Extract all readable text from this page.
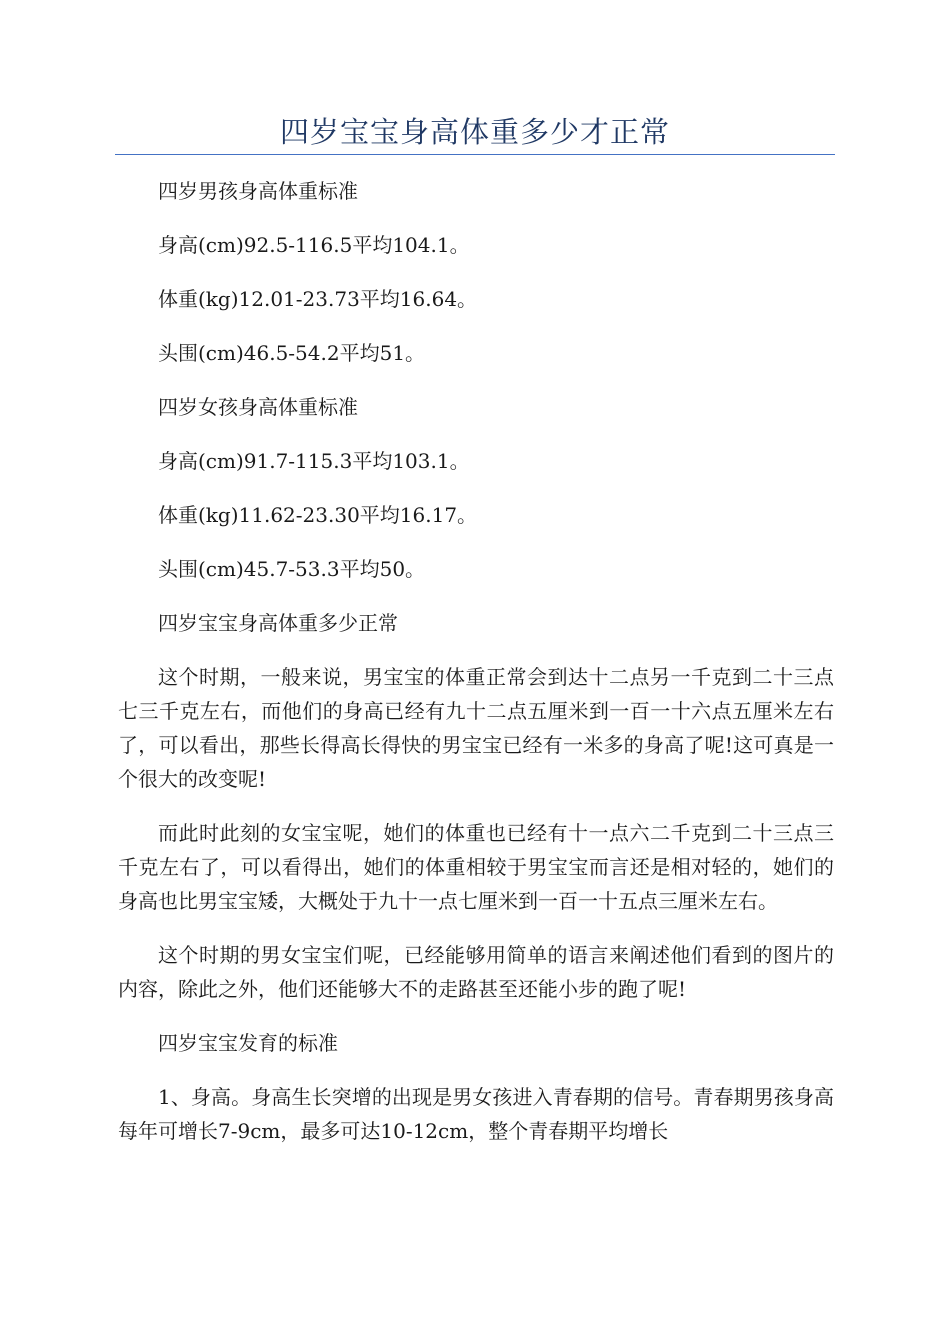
四岁宝宝身高体重多少才正常

四岁男孩身高体重标准

身高(cm)92.5-116.5平均104.1。

体重(kg)12.01-23.73平均16.64。

头围(cm)46.5-54.2平均51。

四岁女孩身高体重标准

身高(cm)91.7-115.3平均103.1。

体重(kg)11.62-23.30平均16.17。

头围(cm)45.7-53.3平均50。

四岁宝宝身高体重多少正常

这个时期，一般来说，男宝宝的体重正常会到达十二点另一千克到二十三点七三千克左右，而他们的身高已经有九十二点五厘米到一百一十六点五厘米左右了，可以看出，那些长得高长得快的男宝宝已经有一米多的身高了呢!这可真是一个很大的改变呢!

而此时此刻的女宝宝呢，她们的体重也已经有十一点六二千克到二十三点三千克左右了，可以看得出，她们的体重相较于男宝宝而言还是相对轻的，她们的身高也比男宝宝矮，大概处于九十一点七厘米到一百一十五点三厘米左右。

这个时期的男女宝宝们呢，已经能够用简单的语言来阐述他们看到的图片的内容，除此之外，他们还能够大不的走路甚至还能小步的跑了呢!

四岁宝宝发育的标准

1、身高。身高生长突增的出现是男女孩进入青春期的信号。青春期男孩身高每年可增长7-9cm，最多可达10-12cm，整个青春期平均增长
